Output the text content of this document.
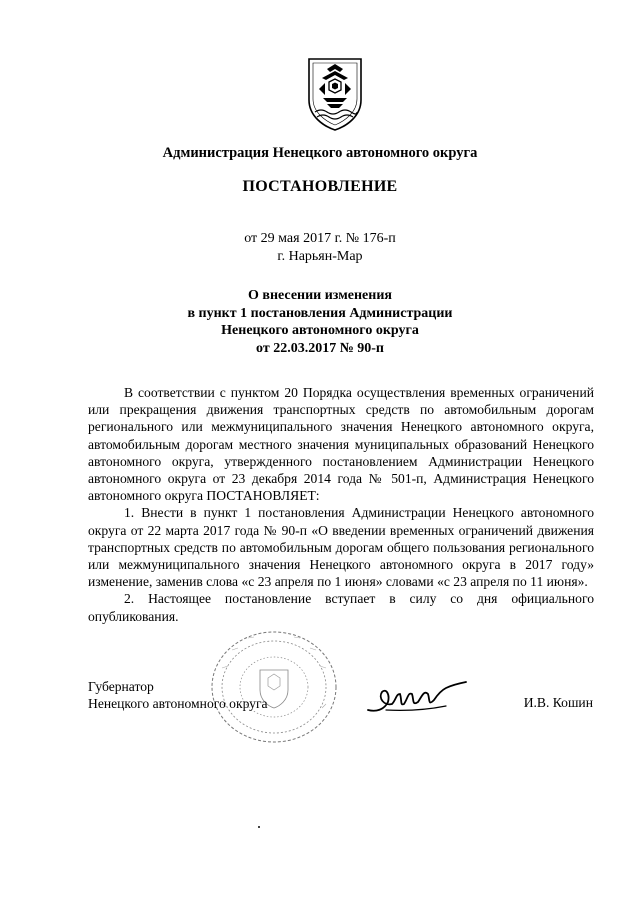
Администрация Ненецкого автономного округа
ПОСТАНОВЛЕНИЕ
от 29 мая 2017 г. № 176-п
г. Нарьян-Мар
О внесении изменения
в пункт 1 постановления Администрации
Ненецкого автономного округа
от 22.03.2017 № 90-п

В соответствии с пунктом 20 Порядка осуществления временных ограничений или прекращения движения транспортных средств по автомобильным дорогам регионального или межмуниципального значения Ненецкого автономного округа, автомобильным дорогам местного значения муниципальных образований Ненецкого автономного округа, утвержденного постановлением Администрации Ненецкого автономного округа от 23 декабря 2014 года № 501-п, Администрация Ненецкого автономного округа ПОСТАНОВЛЯЕТ:

1. Внести в пункт 1 постановления Администрации Ненецкого автономного округа от 22 марта 2017 года № 90-п «О введении временных ограничений движения транспортных средств по автомобильным дорогам общего пользования регионального или межмуниципального значения Ненецкого автономного округа в 2017 году» изменение, заменив слова «с 23 апреля по 1 июня» словами «с 23 апреля по 11 июня».

2. Настоящее постановление вступает в силу со дня официального опубликования.

Губернатор
Ненецкого автономного округа	И.В. Кошин
